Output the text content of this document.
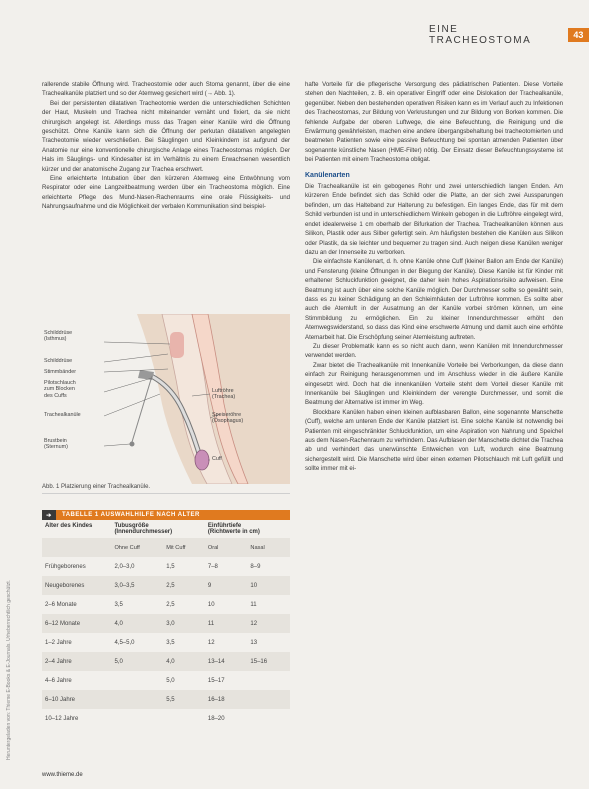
EINE TRACHEOSTOMA	43

rallerende stabile Öffnung wird. Tracheostomie oder auch Stoma genannt, über die eine Trachealkanüle platziert und so der Atemweg gesichert wird (→ Abb. 1).

Bei der persistenten dilatativen Tracheotomie werden die unterschiedlichen Schichten der Haut, Muskeln und Trachea nicht miteinander vernäht und fixiert, da sie nicht chirurgisch angelegt ist. Allerdings muss das Tragen einer Kanüle wird die Öffnung geschützt. Ohne Kanüle kann sich die Öffnung der perkutan dilatativen angelegten Tracheotomie wieder verschließen. Bei Säuglingen und Kleinkindern ist aufgrund der Anatomie nur eine konventionelle chirurgische Anlage eines Tracheostomas möglich. Der Hals im Säuglings- und Kindesalter ist im Verhältnis zu einem Erwachsenen wesentlich kürzer und der anatomische Zugang zur Trachea erschwert.

Eine erleichterte Intubation über den kürzeren Atemweg eine Entwöhnung vom Respirator oder eine Langzeitbeatmung werden über ein Tracheostoma möglich. Eine erleichterte Pflege des Mund-Nasen-Rachenraums eine orale Flüssigkeits- und Nahrungsaufnahme und die Möglichkeit der verbalen Kommunikation sind beispiel-

Schilddrüse
(Isthmus)
Schilddrüse
Stimmbänder
Pilotschlauch
zum Blocken
des Cuffs
Trachealkanüle
Brustbein
(Sternum)
Luftröhre
(Trachea)
Speiseröhre
(Ösophagus)
Cuff
Abb. 1 Platzierung einer Trachealkanüle.
➔	TABELLE 1 AUSWAHLHILFE NACH ALTER
Alter des Kindes	Tubusgröße
(Innendurchmesser)		Einführtiefe
(Richtwerte in cm)	
	Ohne Cuff	Mit Cuff	Oral	Nasal
Frühgeborenes	2,0–3,0	1,5	7–8	8–9
Neugeborenes	3,0–3,5	2,5	9	10
2–6 Monate	3,5	2,5	10	11
6–12 Monate	4,0	3,0	11	12
1–2 Jahre	4,5–5,0	3,5	12	13
2–4 Jahre	5,0	4,0	13–14	15–16
4–6 Jahre		5,0	15–17	
6–10 Jahre		5,5	16–18	
10–12 Jahre			18–20	

hafte Vorteile für die pflegerische Versorgung des pädiatrischen Patienten. Diese Vorteile stehen den Nachteilen, z. B. ein operativer Eingriff oder eine Dislokation der Trachealkanüle, gegenüber. Neben den bestehenden operativen Risiken kann es im Verlauf auch zu Infektionen des Tracheostomas, zur Bildung von Verkrustungen und zur Bildung von Borken kommen. Die fehlende Aufgabe der oberen Luftwege, die eine Befeuchtung, die Reinigung und die Erwärmung gewährleisten, machen eine andere übergangsbehaltung bei tracheotomierten und beatmeten Patienten sowie eine passive Befeuchtung bei spontan atmenden Patienten über sogenannte künstliche Nasen (HME-Filter) nötig. Der Einsatz dieser Befeuchtungssysteme ist bei Patienten mit einem Tracheostoma obligat.

Kanülenarten

Die Trachealkanüle ist ein gebogenes Rohr und zwei unterschiedlich langen Enden. Am kürzeren Ende befindet sich das Schild oder die Platte, an der sich zwei Aussparungen befinden, um das Halteband zur Halterung zu befestigen. Ein langes Ende, das für mit dem Schild verbunden ist und in unterschiedlichem Winkeln gebogen in die Luftröhre eingelegt wird, endet idealerweise 1 cm oberhalb der Bifurkation der Trachea. Trachealkanülen können aus Silikon, Plastik oder aus Silber gefertigt sein. Am häufigsten bestehen die Kanülen aus Silikon oder Plastik, da sie leichter und bequemer zu tragen sind. Auch neigen diese Kanülen weniger dazu an der Innenseite zu verborken.

Die einfachste Kanülenart, d. h. ohne Kanüle ohne Cuff (kleiner Ballon am Ende der Kanüle) und Fensterung (kleine Öffnungen in der Biegung der Kanüle). Diese Kanüle ist für Kinder mit erhaltener Schluckfunktion geeignet, die daher kein hohes Aspirationsrisiko aufweisen. Eine Beatmung ist auch über eine solche Kanüle möglich. Der Durchmesser sollte so gewählt sein, dass es zu keiner Schädigung an den Schleimhäuten der Luftröhre kommen. Es sollte aber auch die Atemluft in der Ausatmung an der Kanüle vorbei strömen können, um eine Stimmbildung zu ermöglichen. Ein zu kleiner Innendurchmesser erhöht den Atemwegswiderstand, so dass das Kind eine erschwerte Atmung und damit auch eine erhöhte Atemarbeit hat. Die Erschöpfung seiner Atemleistung auftreten.

Zu dieser Problematik kann es so nicht auch dann, wenn Kanülen mit Innendurchmesser verwendet werden.

Zwar bietet die Trachealkanüle mit Innenkanüle Vorteile bei Verborkungen, da diese dann einfach zur Reinigung herausgenommen und im Anschluss wieder in die äußere Kanüle eingesetzt wird. Doch hat die innenkanülen Vorteile steht dem Vorteil dieser Kanüle mit Innenkanüle bei Säuglingen und Kleinkindern der verengte Durchmesser, und somit die Beatmung der Alternative ist immer im Weg.

Blockbare Kanülen haben einen kleinen aufblasbaren Ballon, eine sogenannte Manschette (Cuff), welche am unteren Ende der Kanüle platziert ist. Eine solche Kanüle ist notwendig bei Patienten mit eingeschränkter Schluckfunktion, um eine Aspiration von Nahrung und Speichel aus dem Nasen-Rachenraum zu verhindern. Das Aufblasen der Manschette dichtet die Trachea ab und verhindert das unerwünschte Entweichen von Luft, wodurch eine Beatmung sichergestellt wird. Die Manschette wird über einen externen Pilotschlauch mit Luft gefüllt und sollte immer mit ei-

Heruntergeladen von: Thieme E-Books & E-Journals. Urheberrechtlich geschützt.
www.thieme.de
